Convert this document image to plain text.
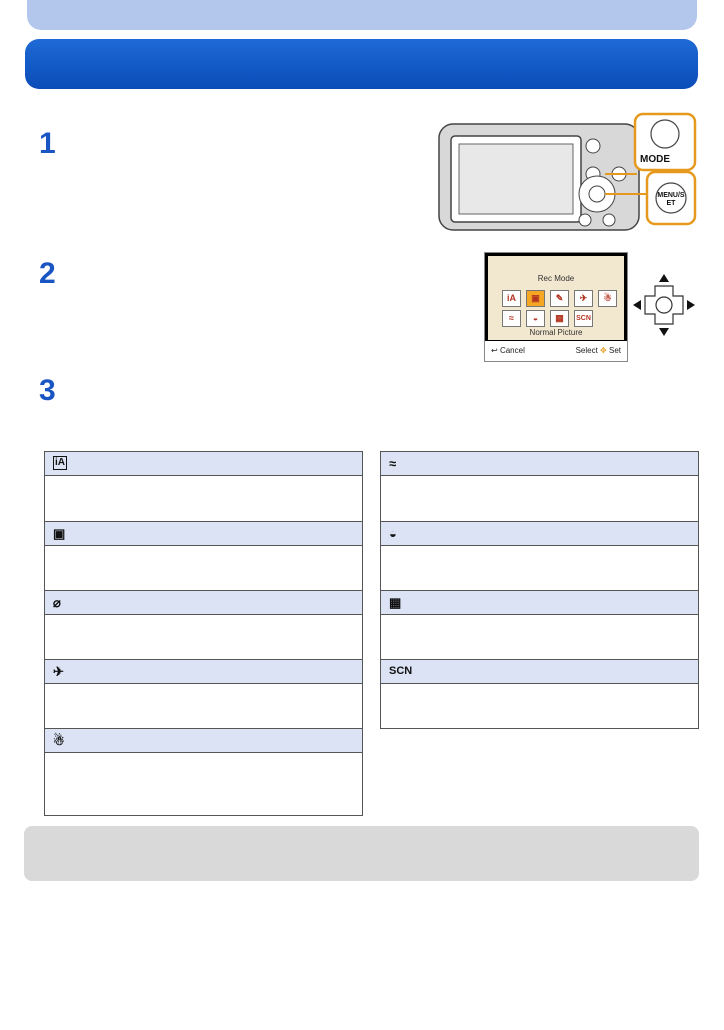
1
2
3
MODE
MENU/SET
Rec Mode
iA	▣	✎	✈	☃
≈	◒	▦	SCN
Normal Picture
↩ Cancel	Select ✥ Set
iA
▣
⌀
✈
☃
≈
◒
▦
SCN
